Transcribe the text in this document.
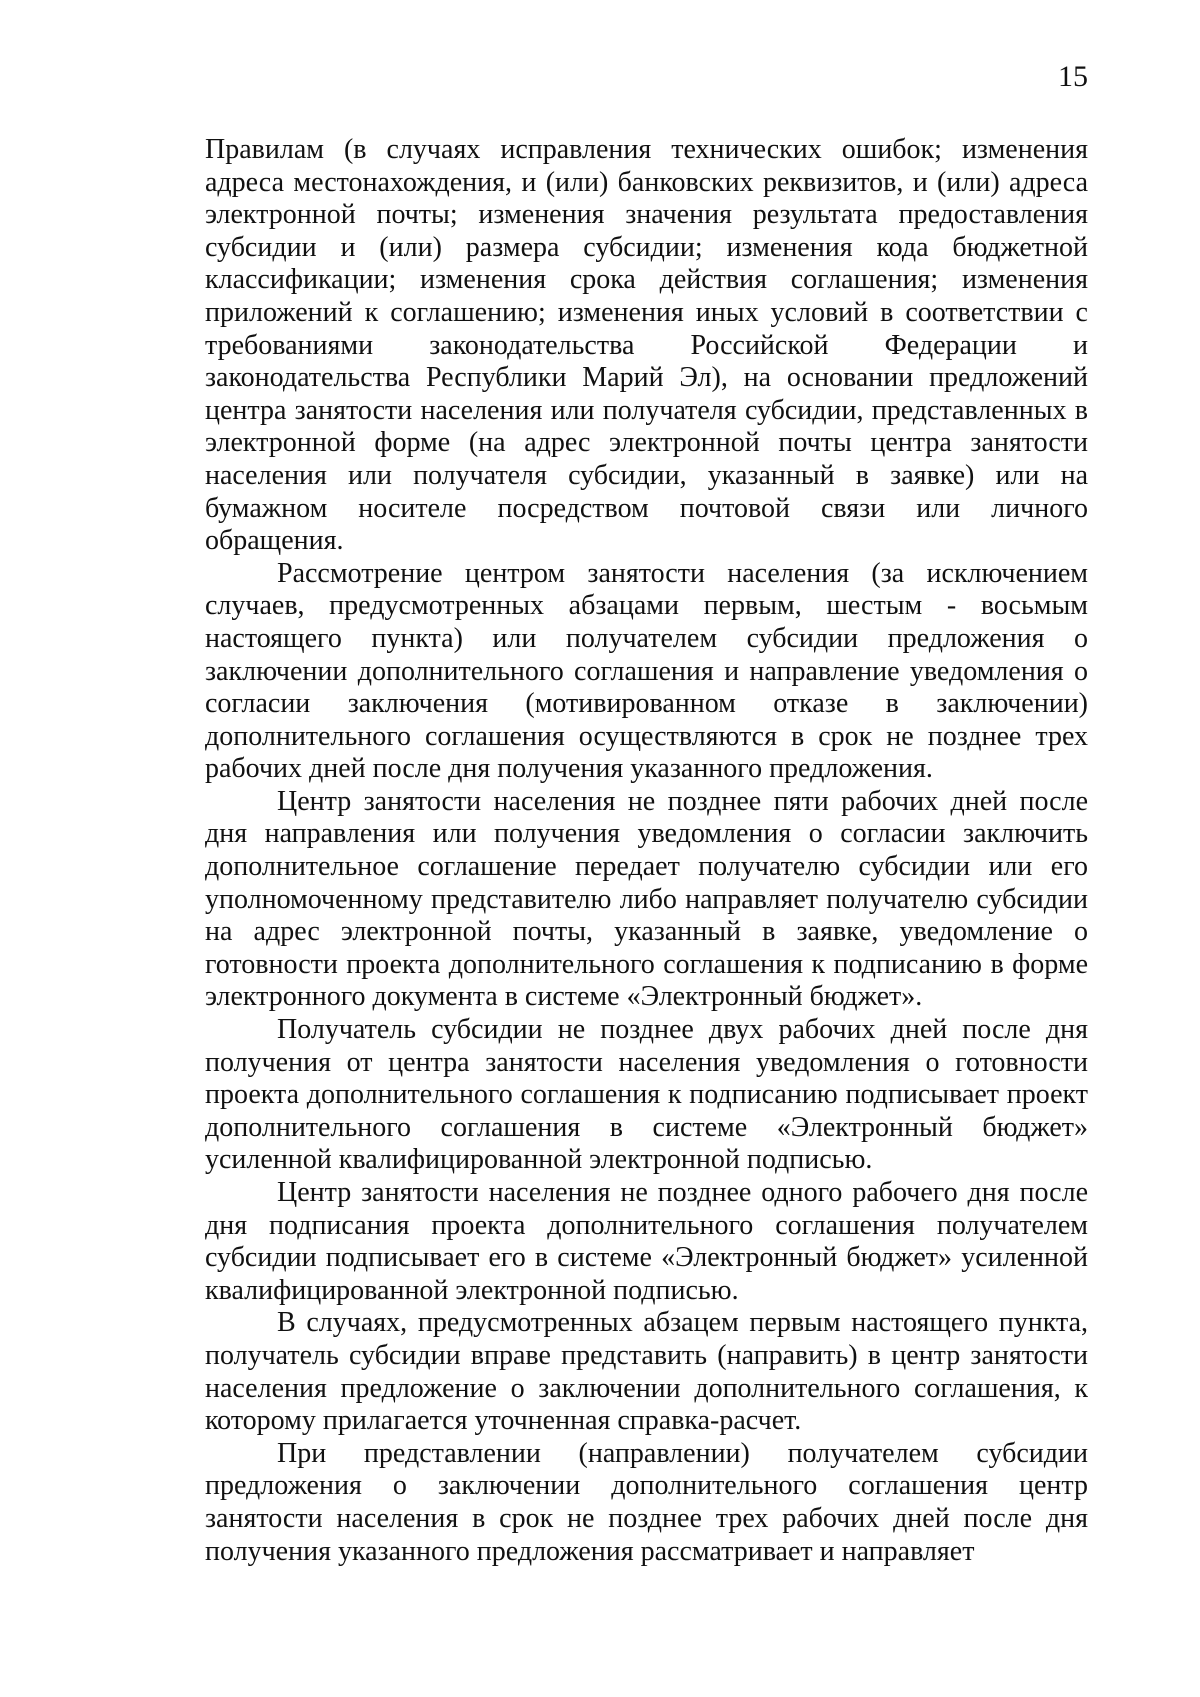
15

Правилам (в случаях исправления технических ошибок; изменения адреса местонахождения, и (или) банковских реквизитов, и (или) адреса электронной почты; изменения значения результата предоставления субсидии и (или) размера субсидии; изменения кода бюджетной классификации; изменения срока действия соглашения; изменения приложений к соглашению; изменения иных условий в соответствии с требованиями законодательства Российской Федерации и законодательства Республики Марий Эл), на основании предложений центра занятости населения или получателя субсидии, представленных в электронной форме (на адрес электронной почты центра занятости населения или получателя субсидии, указанный в заявке) или на бумажном носителе посредством почтовой связи или личного обращения.

Рассмотрение центром занятости населения (за исключением случаев, предусмотренных абзацами первым, шестым - восьмым настоящего пункта) или получателем субсидии предложения о заключении дополнительного соглашения и направление уведомления о согласии заключения (мотивированном отказе в заключении) дополнительного соглашения осуществляются в срок не позднее трех рабочих дней после дня получения указанного предложения.

Центр занятости населения не позднее пяти рабочих дней после дня направления или получения уведомления о согласии заключить дополнительное соглашение передает получателю субсидии или его уполномоченному представителю либо направляет получателю субсидии на адрес электронной почты, указанный в заявке, уведомление о готовности проекта дополнительного соглашения к подписанию в форме электронного документа в системе «Электронный бюджет».

Получатель субсидии не позднее двух рабочих дней после дня получения от центра занятости населения уведомления о готовности проекта дополнительного соглашения к подписанию подписывает проект дополнительного соглашения в системе «Электронный бюджет» усиленной квалифицированной электронной подписью.

Центр занятости населения не позднее одного рабочего дня после дня подписания проекта дополнительного соглашения получателем субсидии подписывает его в системе «Электронный бюджет» усиленной квалифицированной электронной подписью.

В случаях, предусмотренных абзацем первым настоящего пункта, получатель субсидии вправе представить (направить) в центр занятости населения предложение о заключении дополнительного соглашения, к которому прилагается уточненная справка-расчет.

При представлении (направлении) получателем субсидии предложения о заключении дополнительного соглашения центр занятости населения в срок не позднее трех рабочих дней после дня получения указанного предложения рассматривает и направляет
